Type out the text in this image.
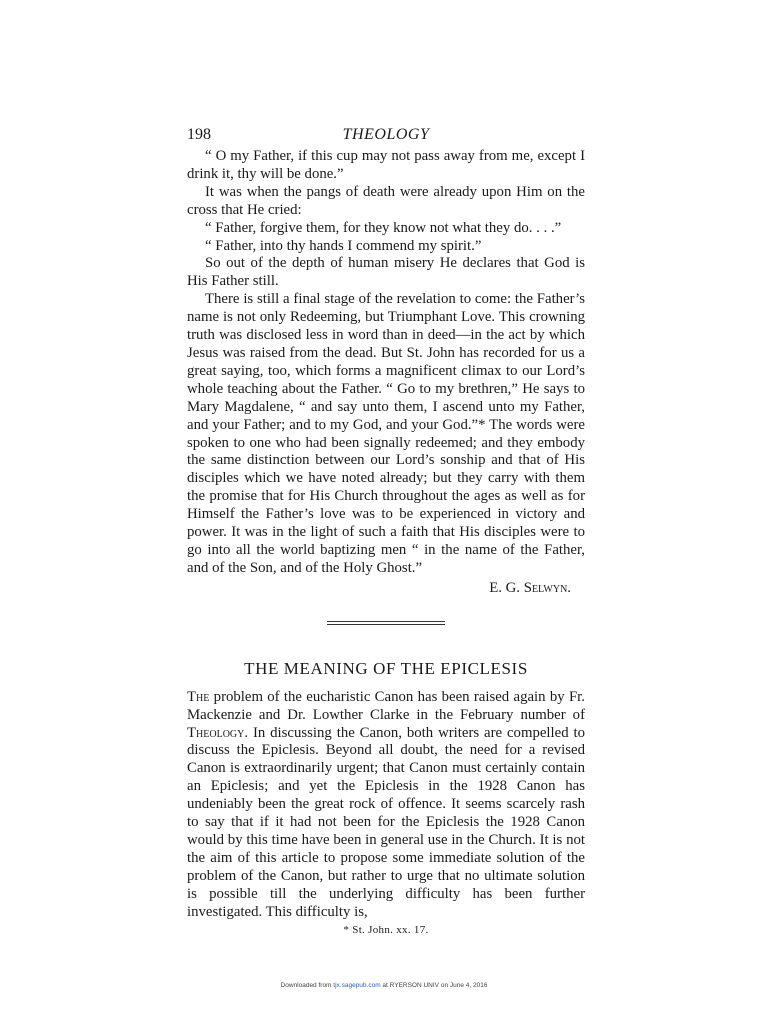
198	THEOLOGY

“ O my Father, if this cup may not pass away from me, except I drink it, thy will be done.”

It was when the pangs of death were already upon Him on the cross that He cried:

“ Father, forgive them, for they know not what they do. . . .”

“ Father, into thy hands I commend my spirit.”

So out of the depth of human misery He declares that God is His Father still.

There is still a final stage of the revelation to come: the Father’s name is not only Redeeming, but Triumphant Love. This crowning truth was disclosed less in word than in deed—in the act by which Jesus was raised from the dead. But St. John has recorded for us a great saying, too, which forms a magnificent climax to our Lord’s whole teaching about the Father. “ Go to my brethren,” He says to Mary Magdalene, “ and say unto them, I ascend unto my Father, and your Father; and to my God, and your God.”* The words were spoken to one who had been signally redeemed; and they embody the same distinction between our Lord’s sonship and that of His disciples which we have noted already; but they carry with them the promise that for His Church throughout the ages as well as for Himself the Father’s love was to be experienced in victory and power. It was in the light of such a faith that His disciples were to go into all the world baptizing men “ in the name of the Father, and of the Son, and of the Holy Ghost.”

E. G. Selwyn.
THE MEANING OF THE EPICLESIS

The problem of the eucharistic Canon has been raised again by Fr. Mackenzie and Dr. Lowther Clarke in the February number of Theology. In discussing the Canon, both writers are compelled to discuss the Epiclesis. Beyond all doubt, the need for a revised Canon is extraordinarily urgent; that Canon must certainly contain an Epiclesis; and yet the Epiclesis in the 1928 Canon has undeniably been the great rock of offence. It seems scarcely rash to say that if it had not been for the Epiclesis the 1928 Canon would by this time have been in general use in the Church. It is not the aim of this article to propose some immediate solution of the problem of the Canon, but rather to urge that no ultimate solution is possible till the underlying difficulty has been further investigated. This difficulty is,

* St. John. xx. 17.
Downloaded from tjx.sagepub.com at RYERSON UNIV on June 4, 2016
